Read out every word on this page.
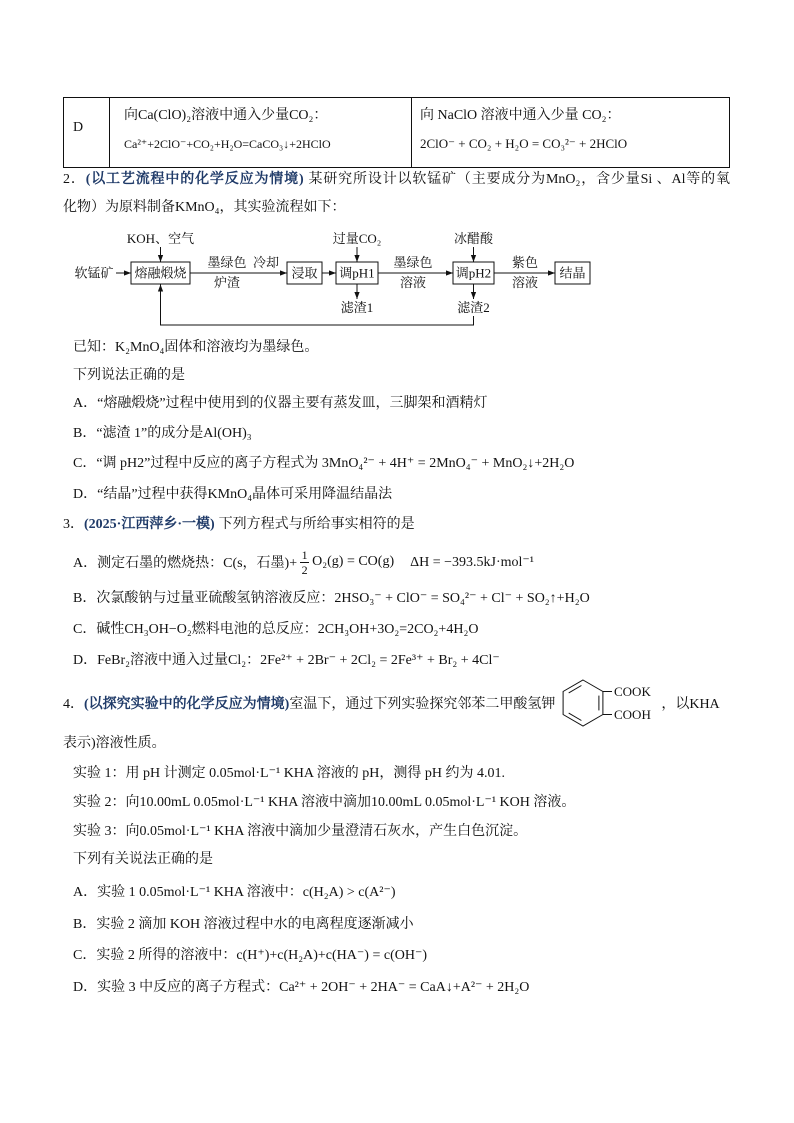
D
向Ca(ClO)₂溶液中通入少量CO₂：
Ca²⁺+2ClO⁻+CO₂+H₂O=CaCO₃↓+2HClO
向 NaClO 溶液中通入少量 CO₂：
2ClO⁻ + CO₂ + H₂O = CO₃²⁻ + 2HClO
2．(以工艺流程中的化学反应为情境) 某研究所设计以软锰矿（主要成分为MnO₂，含少量Si 、Al等的氧
化物）为原料制备KMnO₄，其实验流程如下：
软锰矿
KOH、空气
熔融煅烧
墨绿色
炉渣
冷却
浸取
过量CO₂
调pH1
滤渣1
墨绿色
溶液
冰醋酸
调pH2
滤渣2
紫色
溶液
结晶
已知：K₂MnO₄固体和溶液均为墨绿色。
下列说法正确的是
A．“熔融煅烧”过程中使用到的仪器主要有蒸发皿，三脚架和酒精灯
B．“滤渣 1”的成分是Al(OH)₃
C．“调 pH2”过程中反应的离子方程式为 3MnO₄²⁻ + 4H⁺ = 2MnO₄⁻ + MnO₂↓+2H₂O
D．“结晶”过程中获得KMnO₄晶体可采用降温结晶法
3．(2025·江西萍乡·一模) 下列方程式与所给事实相符的是
A．测定石墨的燃烧热：C(s，石墨)+ $\frac{1}{2} O_2(g) = CO(g) \Delta H = -393.5kJ\cdot mol^{-1}$
B．次氯酸钠与过量亚硫酸氢钠溶液反应：2HSO₃⁻ + ClO⁻ = SO₄²⁻ + Cl⁻ + SO₂↑+H₂O
C．碱性CH₃OH−O₂燃料电池的总反应：2CH₃OH+3O₂=2CO₂+4H₂O
D．FeBr₂溶液中通入过量Cl₂：2Fe²⁺ + 2Br⁻ + 2Cl₂ = 2Fe³⁺ + Br₂ + 4Cl⁻
4． (以探究实验中的化学反应为情境) 室温下，通过下列实验探究邻苯二甲酸氢钾
COOK
COOH
，以KHA
表示)溶液性质。
实验 1：用 pH 计测定 0.05mol·L⁻¹ KHA 溶液的 pH，测得 pH 约为 4.01.
实验 2：向10.00mL 0.05mol·L⁻¹ KHA 溶液中滴加10.00mL 0.05mol·L⁻¹ KOH 溶液。
实验 3：向0.05mol·L⁻¹ KHA 溶液中滴加少量澄清石灰水，产生白色沉淀。
下列有关说法正确的是
A．实验 1 0.05mol·L⁻¹ KHA 溶液中：c(H₂A) > c(A²⁻)
B．实验 2 滴加 KOH 溶液过程中水的电离程度逐渐减小
C．实验 2 所得的溶液中：c(H⁺)+c(H₂A)+c(HA⁻) = c(OH⁻)
D．实验 3 中反应的离子方程式：Ca²⁺ + 2OH⁻ + 2HA⁻ = CaA↓+A²⁻ + 2H₂O
